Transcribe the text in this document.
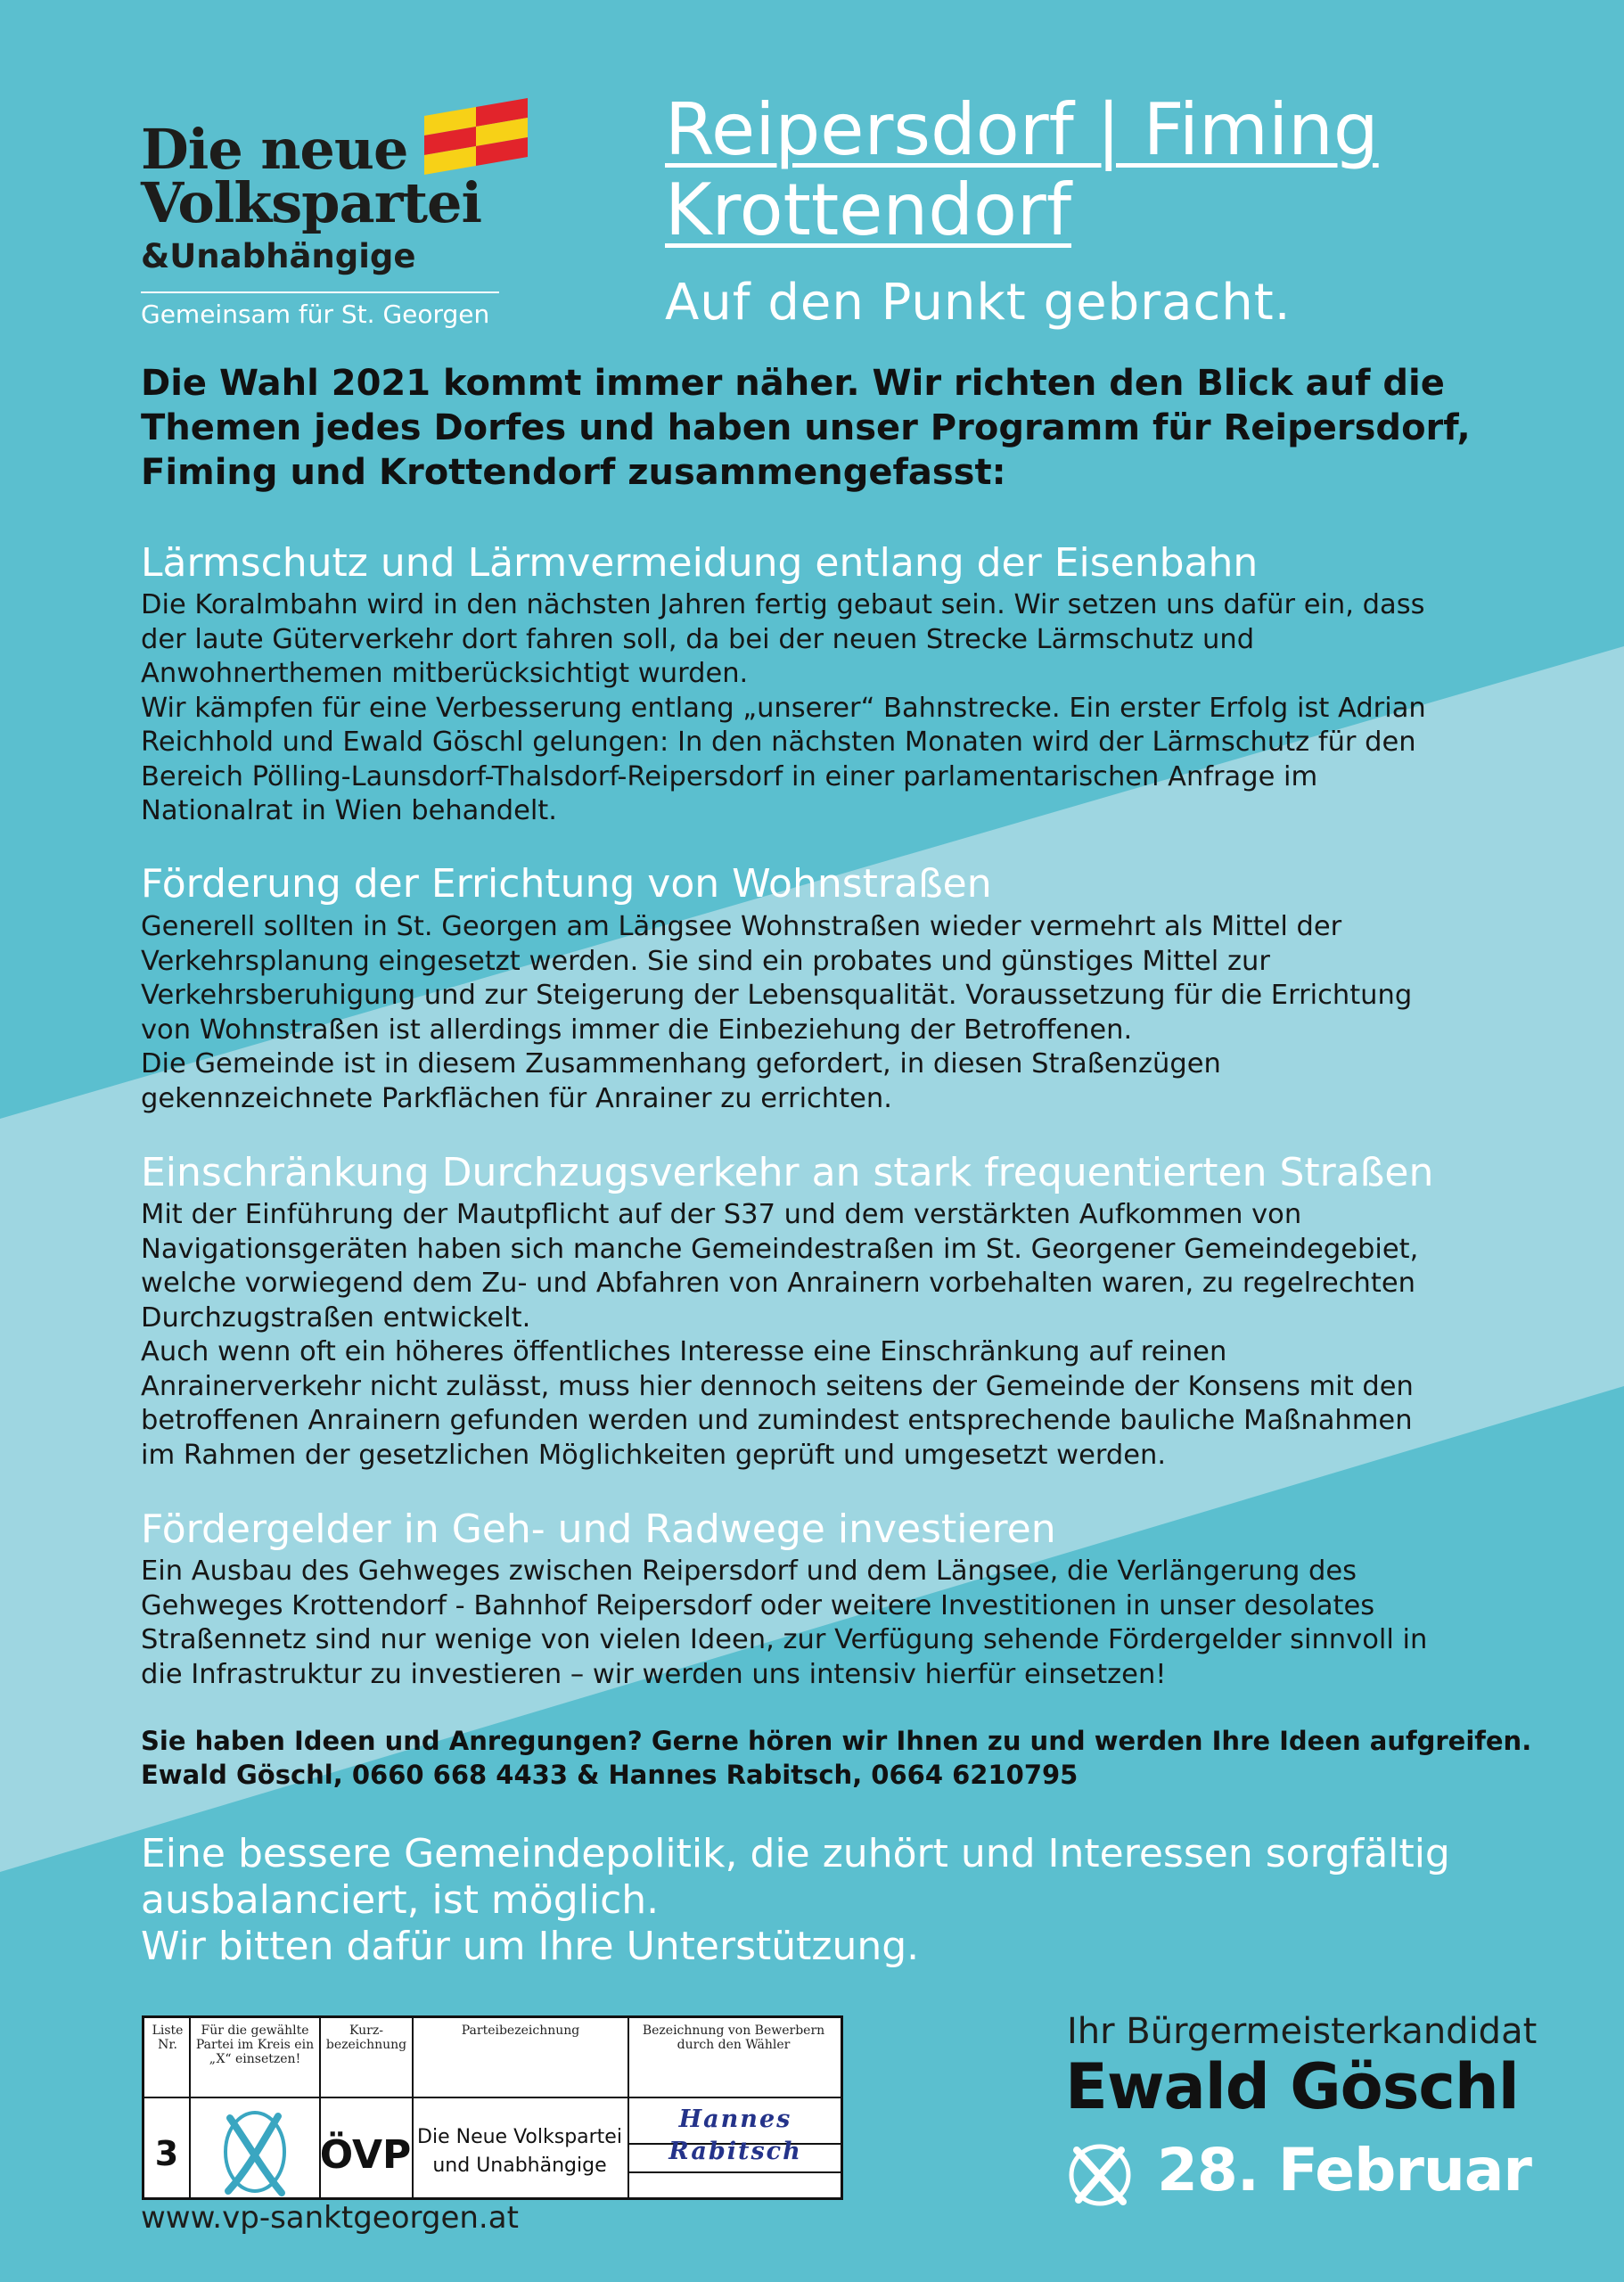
Die neue
Volkspartei
&Unabhängige
Gemeinsam für St. Georgen
Reipersdorf | Fiming
Krottendorf
Auf den Punkt gebracht.
Die Wahl 2021 kommt immer näher. Wir richten den Blick auf die Themen jedes Dorfes und haben unser Programm für Reipersdorf, Fiming und Krottendorf zusammengefasst:
Lärmschutz und Lärmvermeidung entlang der Eisenbahn

Die Koralmbahn wird in den nächsten Jahren fertig gebaut sein. Wir setzen uns dafür ein, dass
der laute Güterverkehr dort fahren soll, da bei der neuen Strecke Lärmschutz und
Anwohnerthemen mitberücksichtigt wurden.
Wir kämpfen für eine Verbesserung entlang „unserer“ Bahnstrecke. Ein erster Erfolg ist Adrian
Reichhold und Ewald Göschl gelungen: In den nächsten Monaten wird der Lärmschutz für den
Bereich Pölling-Launsdorf-Thalsdorf-Reipersdorf in einer parlamentarischen Anfrage im
Nationalrat in Wien behandelt.

Förderung der Errichtung von Wohnstraßen

Generell sollten in St. Georgen am Längsee Wohnstraßen wieder vermehrt als Mittel der
Verkehrsplanung eingesetzt werden. Sie sind ein probates und günstiges Mittel zur
Verkehrsberuhigung und zur Steigerung der Lebensqualität. Voraussetzung für die Errichtung
von Wohnstraßen ist allerdings immer die Einbeziehung der Betroffenen.
Die Gemeinde ist in diesem Zusammenhang gefordert, in diesen Straßenzügen
gekennzeichnete Parkflächen für Anrainer zu errichten.

Einschränkung Durchzugsverkehr an stark frequentierten Straßen

Mit der Einführung der Mautpflicht auf der S37 und dem verstärkten Aufkommen von
Navigationsgeräten haben sich manche Gemeindestraßen im St. Georgener Gemeindegebiet,
welche vorwiegend dem Zu- und Abfahren von Anrainern vorbehalten waren, zu regelrechten
Durchzugstraßen entwickelt.
Auch wenn oft ein höheres öffentliches Interesse eine Einschränkung auf reinen
Anrainerverkehr nicht zulässt, muss hier dennoch seitens der Gemeinde der Konsens mit den
betroffenen Anrainern gefunden werden und zumindest entsprechende bauliche Maßnahmen
im Rahmen der gesetzlichen Möglichkeiten geprüft und umgesetzt werden.

Fördergelder in Geh- und Radwege investieren

Ein Ausbau des Gehweges zwischen Reipersdorf und dem Längsee, die Verlängerung des
Gehweges Krottendorf - Bahnhof Reipersdorf oder weitere Investitionen in unser desolates
Straßennetz sind nur wenige von vielen Ideen, zur Verfügung sehende Fördergelder sinnvoll in
die Infrastruktur zu investieren – wir werden uns intensiv hierfür einsetzen!

Sie haben Ideen und Anregungen? Gerne hören wir Ihnen zu und werden Ihre Ideen aufgreifen.
Ewald Göschl, 0660 668 4433 & Hannes Rabitsch, 0664 6210795
Eine bessere Gemeindepolitik, die zuhört und Interessen sorgfältig
ausbalanciert, ist möglich.
Wir bitten dafür um Ihre Unterstützung.
Liste Nr.
Für die gewählte Partei im Kreis ein „X“ einsetzen!
Kurz-bezeichnung
Parteibezeichnung	Bezeichnung von Bewerbern durch den Wähler
3	ÖVP Die Neue Volkspartei
und Unabhängige
Hannes
Rabitsch
www.vp-sanktgeorgen.at
Ihr Bürgermeisterkandidat
Ewald Göschl
28. Februar
